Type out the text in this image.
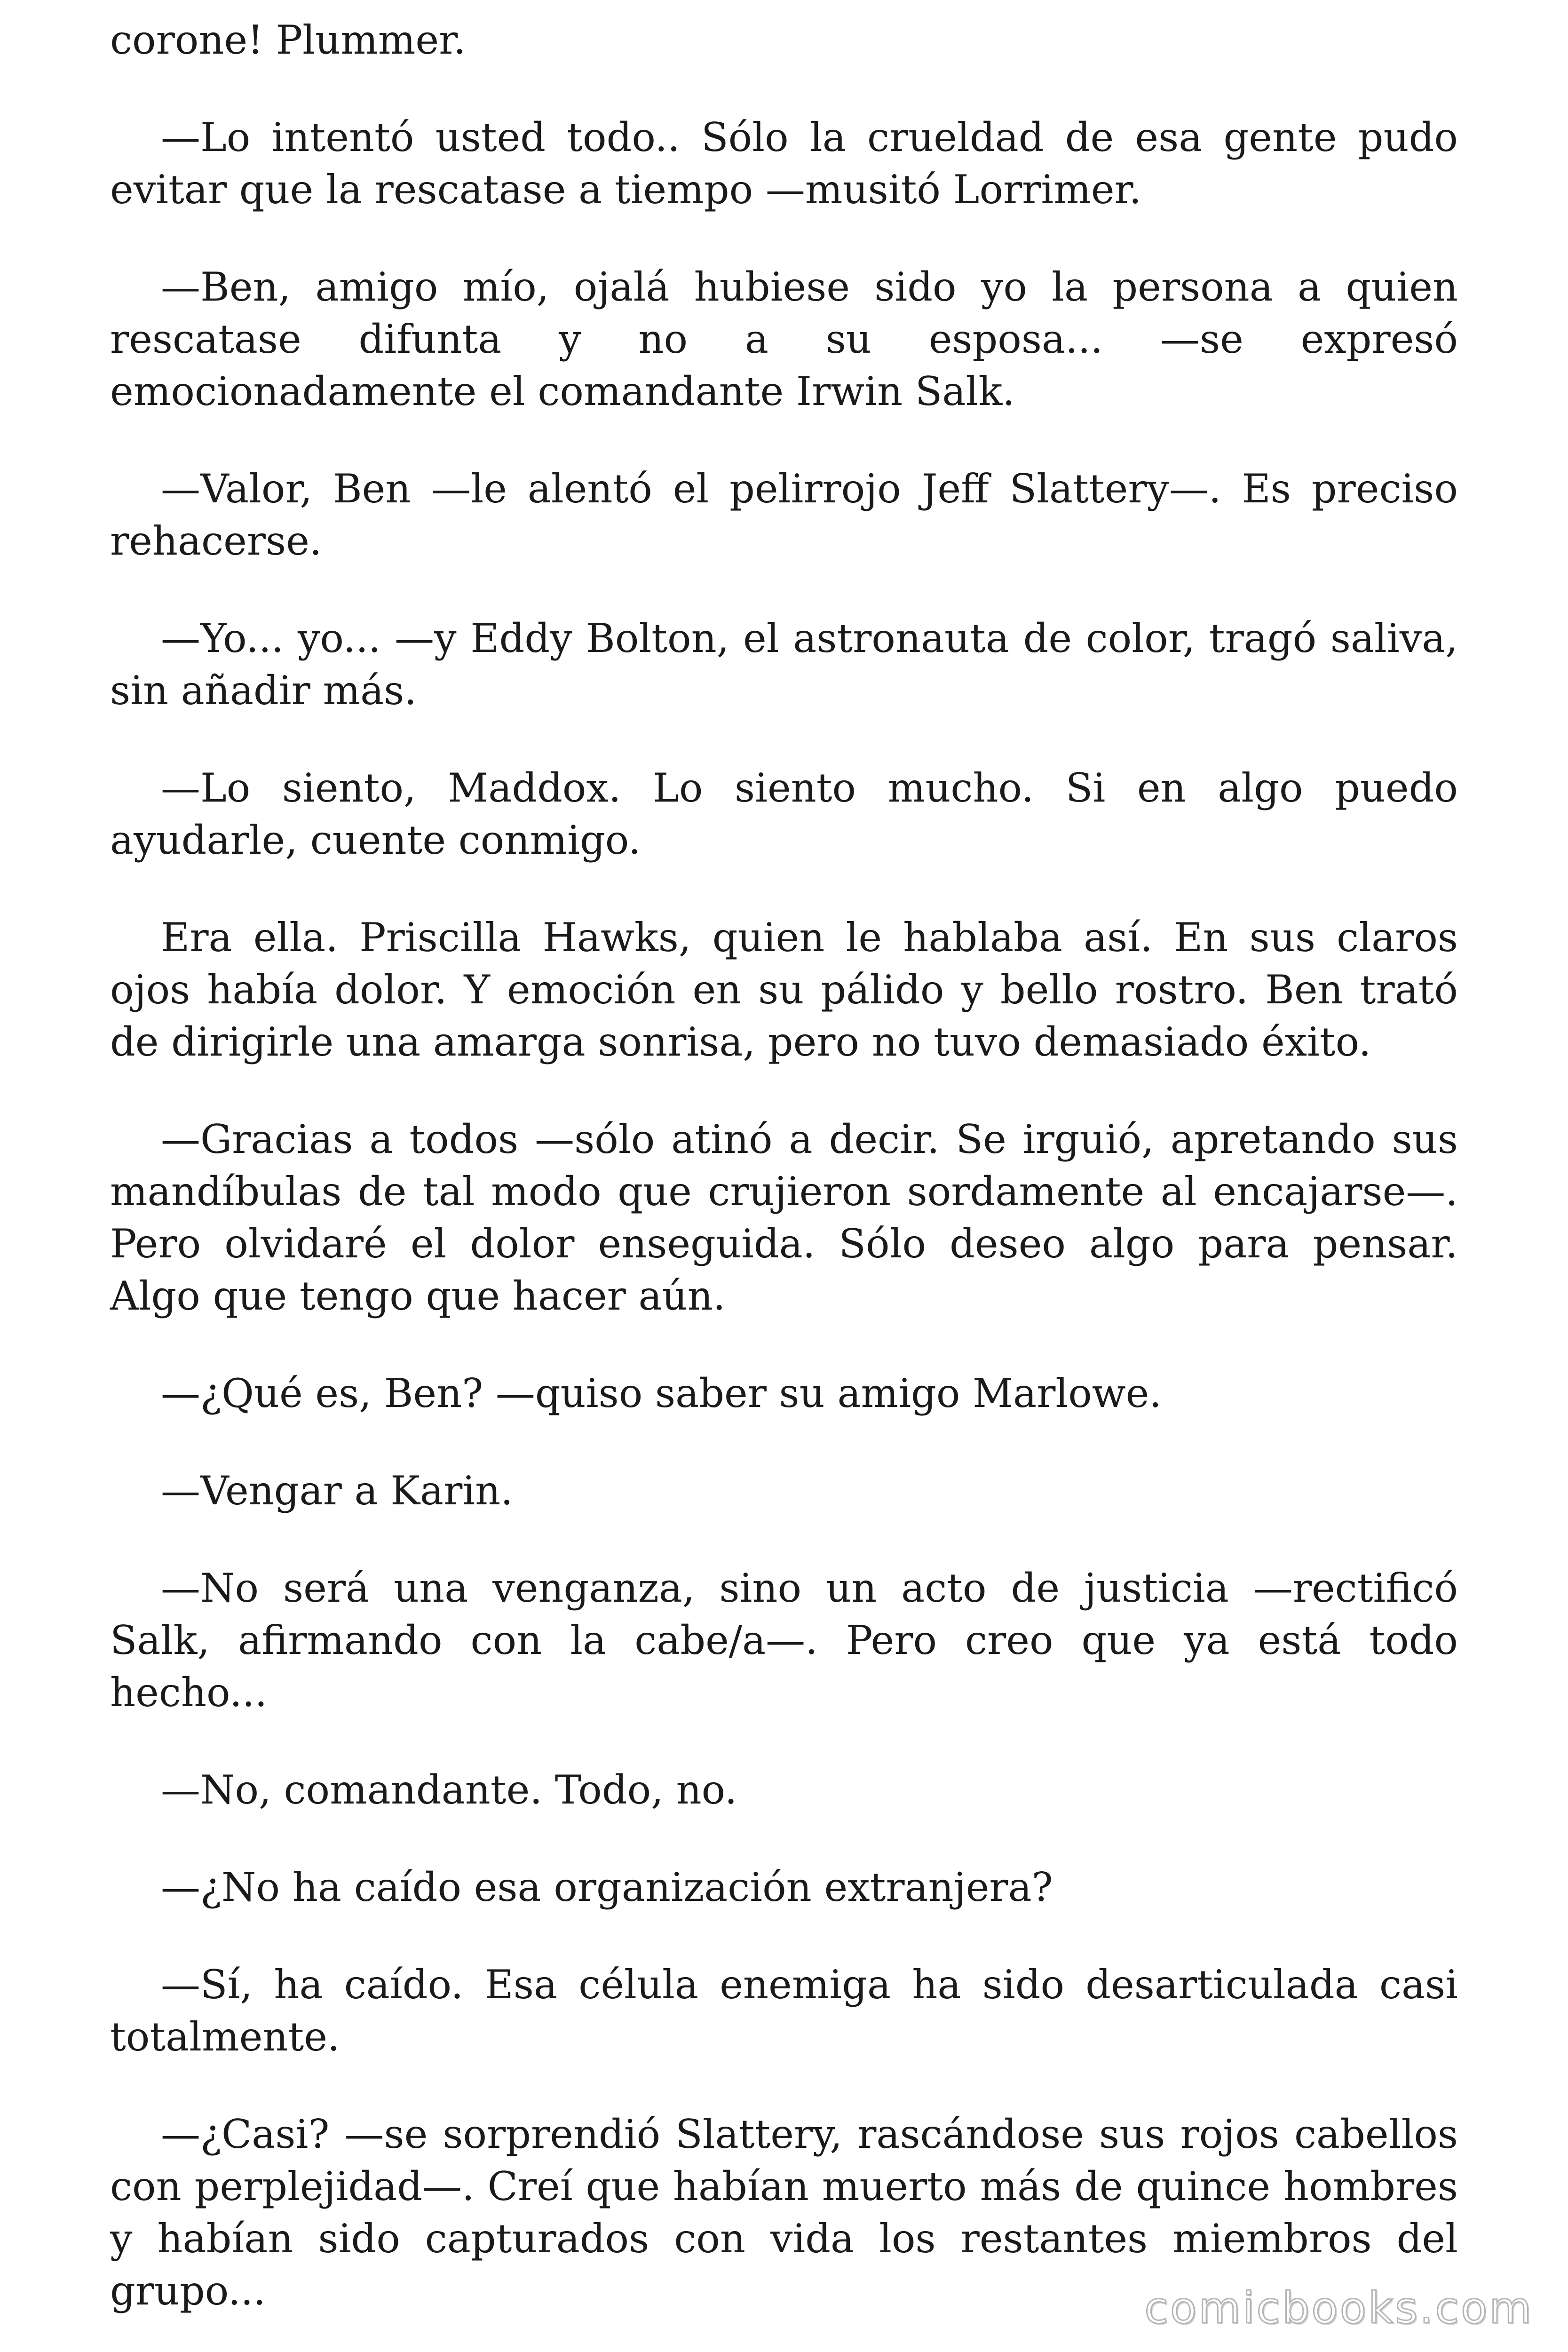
corone! Plummer.

—Lo intentó usted todo.. Sólo la crueldad de esa gente pudo evitar que la rescatase a tiempo —musitó Lorrimer.

—Ben, amigo mío, ojalá hubiese sido yo la persona a quien rescatase difunta y no a su esposa... —se expresó emocionadamente el comandante Irwin Salk.

—Valor, Ben —le alentó el pelirrojo Jeff Slattery—. Es preciso rehacerse.

—Yo... yo... —y Eddy Bolton, el astronauta de color, tragó saliva, sin añadir más.

—Lo siento, Maddox. Lo siento mucho. Si en algo puedo ayudarle, cuente conmigo.

Era ella. Priscilla Hawks, quien le hablaba así. En sus claros ojos había dolor. Y emoción en su pálido y bello rostro. Ben trató de dirigirle una amarga sonrisa, pero no tuvo demasiado éxito.

—Gracias a todos —sólo atinó a decir. Se irguió, apretando sus mandíbulas de tal modo que crujieron sordamente al encajarse—. Pero olvidaré el dolor enseguida. Sólo deseo algo para pensar. Algo que tengo que hacer aún.

—¿Qué es, Ben? —quiso saber su amigo Marlowe.

—Vengar a Karin.

—No será una venganza, sino un acto de justicia —rectificó Salk, afirmando con la cabe/a—. Pero creo que ya está todo hecho...

—No, comandante. Todo, no.

—¿No ha caído esa organización extranjera?

—Sí, ha caído. Esa célula enemiga ha sido desarticulada casi totalmente.

—¿Casi? —se sorprendió Slattery, rascándose sus rojos cabellos con perplejidad—. Creí que habían muerto más de quince hombres y habían sido capturados con vida los restantes miembros del grupo...	comicbooks.com
